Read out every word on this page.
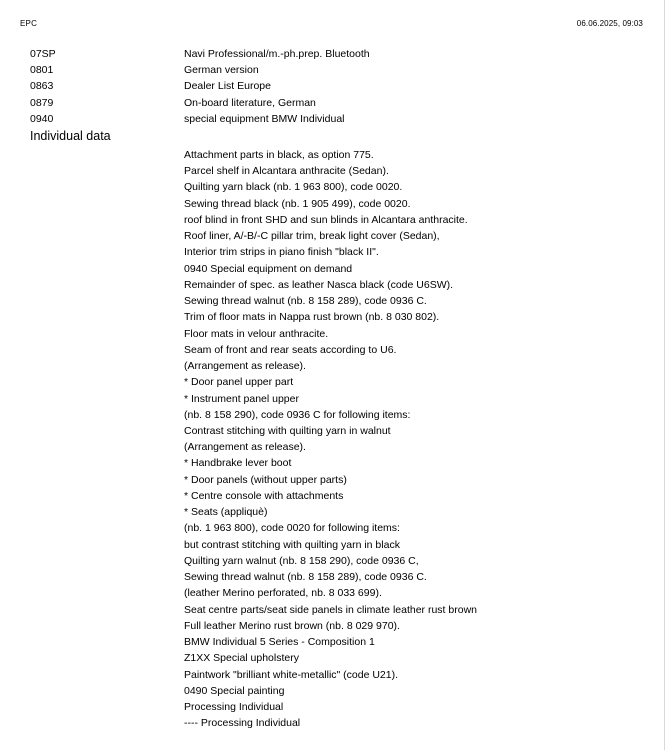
EPC	06.06.2025, 09:03
07SP	Navi Professional/m.-ph.prep. Bluetooth
0801	German version
0863	Dealer List Europe
0879	On-board literature, German
0940	special equipment BMW Individual
Individual data
Attachment parts in black, as option 775.
Parcel shelf in Alcantara anthracite (Sedan).
Quilting yarn black (nb. 1 963 800), code 0020.
Sewing thread black (nb. 1 905 499), code 0020.
roof blind in front SHD and sun blinds in Alcantara anthracite.
Roof liner, A/-B/-C pillar trim, break light cover (Sedan),
Interior trim strips in piano finish "black II".
0940 Special equipment on demand
Remainder of spec. as leather Nasca black (code U6SW).
Sewing thread walnut (nb. 8 158 289), code 0936 C.
Trim of floor mats in Nappa rust brown (nb. 8 030 802).
Floor mats in velour anthracite.
Seam of front and rear seats according to U6.
(Arrangement as release).
* Door panel upper part
* Instrument panel upper
(nb. 8 158 290), code 0936 C for following items:
Contrast stitching with quilting yarn in walnut
(Arrangement as release).
* Handbrake lever boot
* Door panels (without upper parts)
* Centre console with attachments
* Seats (appliquè)
(nb. 1 963 800), code 0020 for following items:
but contrast stitching with quilting yarn in black
Quilting yarn walnut (nb. 8 158 290), code 0936 C,
Sewing thread walnut (nb. 8 158 289), code 0936 C.
(leather Merino perforated, nb. 8 033 699).
Seat centre parts/seat side panels in climate leather rust brown
Full leather Merino rust brown (nb. 8 029 970).
BMW Individual 5 Series - Composition 1
Z1XX Special upholstery
Paintwork "brilliant white-metallic" (code U21).
0490 Special painting
Processing Individual
---- Processing Individual
